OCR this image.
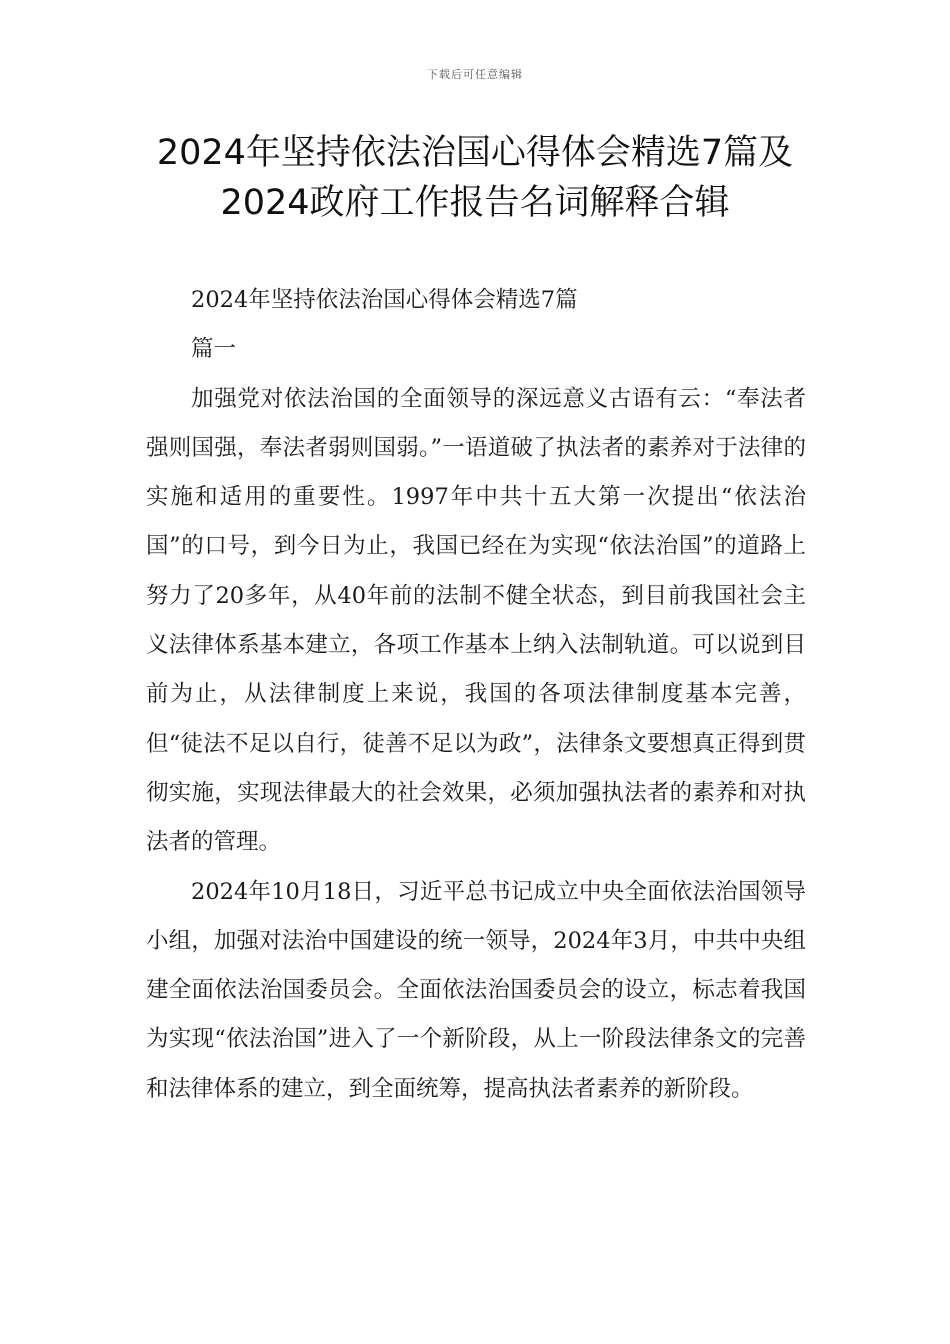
下载后可任意编辑
2024年坚持依法治国心得体会精选7篇及
2024政府工作报告名词解释合辑

2024年坚持依法治国心得体会精选7篇

篇一

加强党对依法治国的全面领导的深远意义古语有云：“奉法者强则国强，奉法者弱则国弱。”一语道破了执法者的素养对于法律的实施和适用的重要性。1997年中共十五大第一次提出“依法治国”的口号，到今日为止，我国已经在为实现“依法治国”的道路上努力了20多年，从40年前的法制不健全状态，到目前我国社会主义法律体系基本建立，各项工作基本上纳入法制轨道。可以说到目前为止，从法律制度上来说，我国的各项法律制度基本完善，但“徒法不足以自行，徒善不足以为政”，法律条文要想真正得到贯彻实施，实现法律最大的社会效果，必须加强执法者的素养和对执法者的管理。

2024年10月18日，习近平总书记成立中央全面依法治国领导小组，加强对法治中国建设的统一领导，2024年3月，中共中央组建全面依法治国委员会。全面依法治国委员会的设立，标志着我国为实现“依法治国”进入了一个新阶段，从上一阶段法律条文的完善和法律体系的建立，到全面统筹，提高执法者素养的新阶段。
